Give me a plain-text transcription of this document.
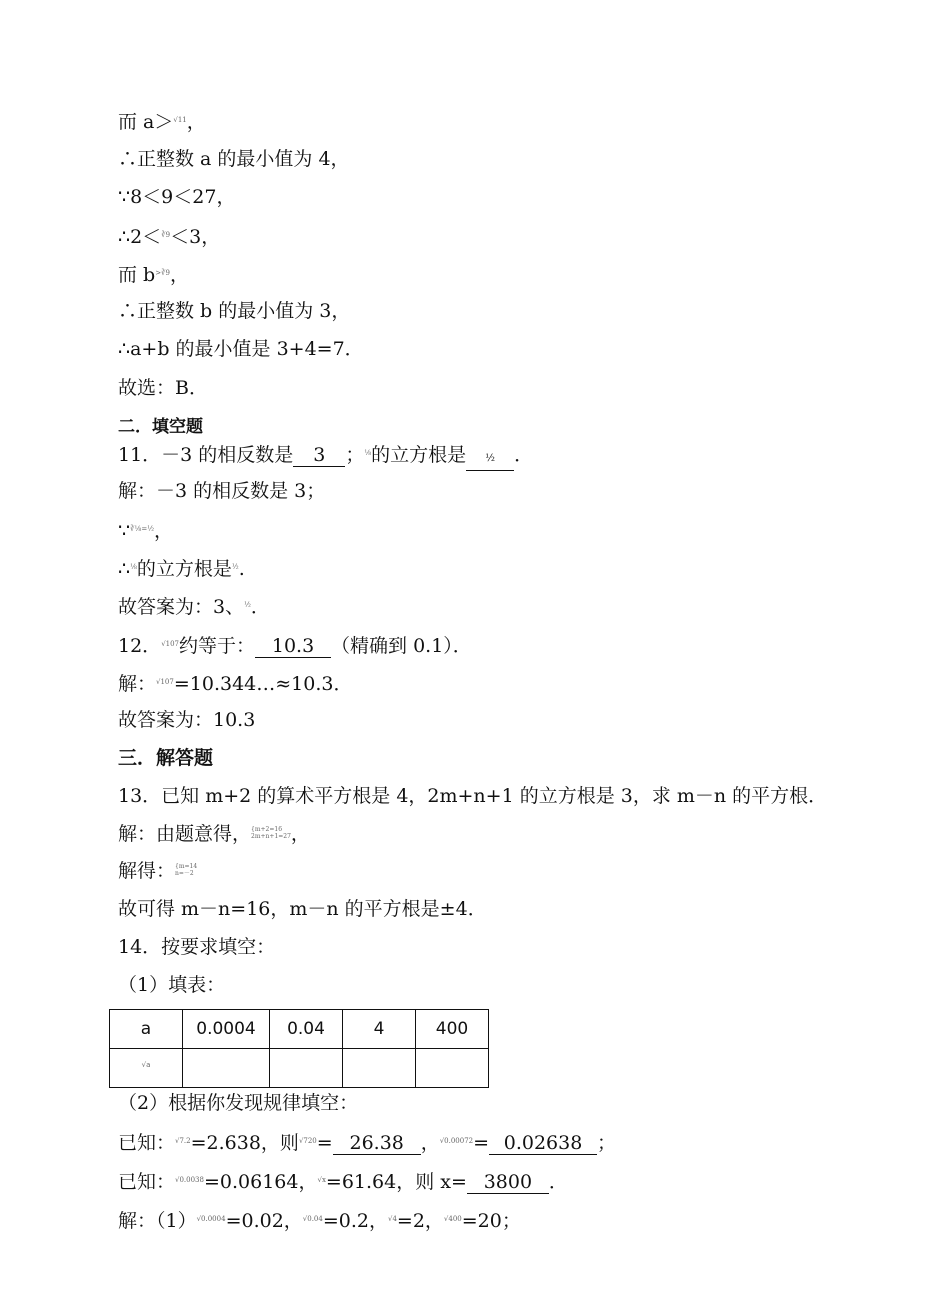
而 a＞$^{√11}$，
∴正整数 a 的最小值为 4，
∵8＜9＜27，
∴2＜$^{∛9}$＜3，
而 $b^{>∛9}$，
∴正整数 b 的最小值为 3，
∴a+b 的最小值是 3+4=7．
故选：B．
二．填空题
11．－3 的相反数是 3 ；$^{\frac{1}{8}}$的立方根是 ½ ．
解：－3 的相反数是 3；
∵$^{∛\frac{1}{8}=\frac{1}{2}}$，
∴$^{\frac{1}{8}}$的立方根是$^{\frac{1}{2}}$.
故答案为：3、$^{\frac{1}{2}}$．
12．$^{√107}$约等于： 10.3 （精确到 0.1）．
解：$^{√107}$=10.344…≈10.3．
故答案为：10.3
三．解答题
13．已知 m+2 的算术平方根是 4，2m+n+1 的立方根是 3，求 m－n 的平方根．
解：由题意得，{m+2=16
2m+n+1=27，
解得：{m=14
n=－2
故可得 m－n=16，m－n 的平方根是±4．
14．按要求填空：
（1）填表：
a	0.0004	0.04	4	400
$^{√a}$				
（2）根据你发现规律填空：
已知：$^{√7.2}$=2.638，则$^{√720}$= 26.38 ，$^{√0.00072}$= 0.02638 ；
已知：$^{√0.0038}$=0.06164，$^{√x}$=61.64，则 x= 3800 ．
解：$(1)^{√0.0004}=0.02$，$^{√0.04}$=0.2，$^{√4}$=2，$^{√400}$=20；
